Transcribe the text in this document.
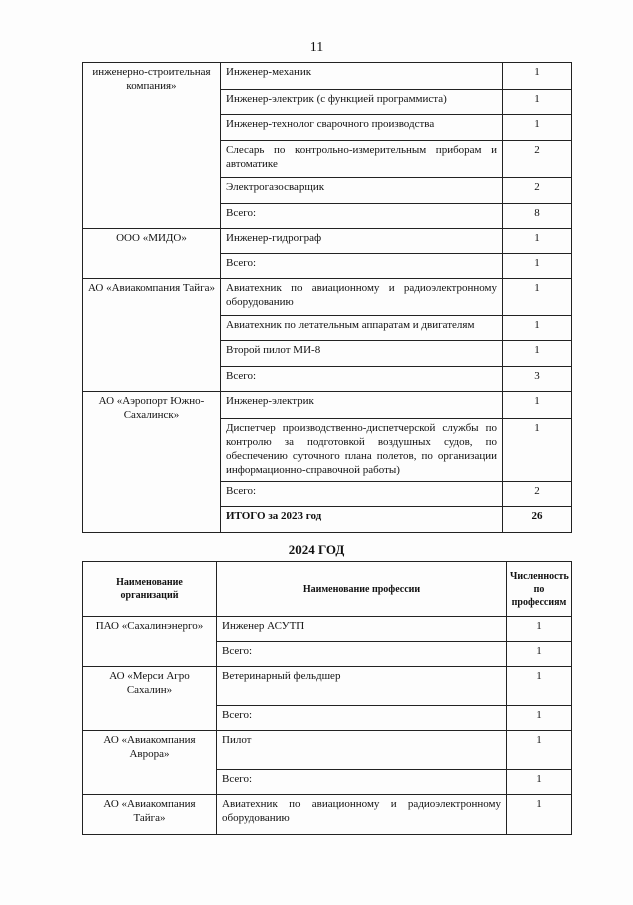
11
инженерно-строительная компания»	Инженер-механик	1
	Инженер-электрик (с функцией программиста)	1
	Инженер-технолог сварочного производства	1
	Слесарь по контрольно-измерительным приборам и автоматике	2
	Электрогазосварщик	2
	Всего:	8
ООО «МИДО»	Инженер-гидрограф	1
	Всего:	1
АО «Авиакомпания Тайга»	Авиатехник по авиационному и радиоэлектронному оборудованию	1
	Авиатехник по летательным аппаратам и двигателям	1
	Второй пилот МИ-8	1
	Всего:	3
АО «Аэропорт Южно-Сахалинск»	Инженер-электрик	1
	Диспетчер производственно-диспетчерской службы по контролю за подготовкой воздушных судов, по обеспечению суточного плана полетов, по организации информационно-справочной работы)	1
	Всего:	2
	ИТОГО за 2023 год	26
2024 ГОД
Наименование организаций	Наименование профессии	Численность по профессиям
ПАО «Сахалинэнерго»	Инженер АСУТП	1
	Всего:	1
АО «Мерси Агро Сахалин»	Ветеринарный фельдшер	1
	Всего:	1
АО «Авиакомпания Аврора»	Пилот	1
	Всего:	1
АО «Авиакомпания Тайга»	Авиатехник по авиационному и радиоэлектронному оборудованию	1
